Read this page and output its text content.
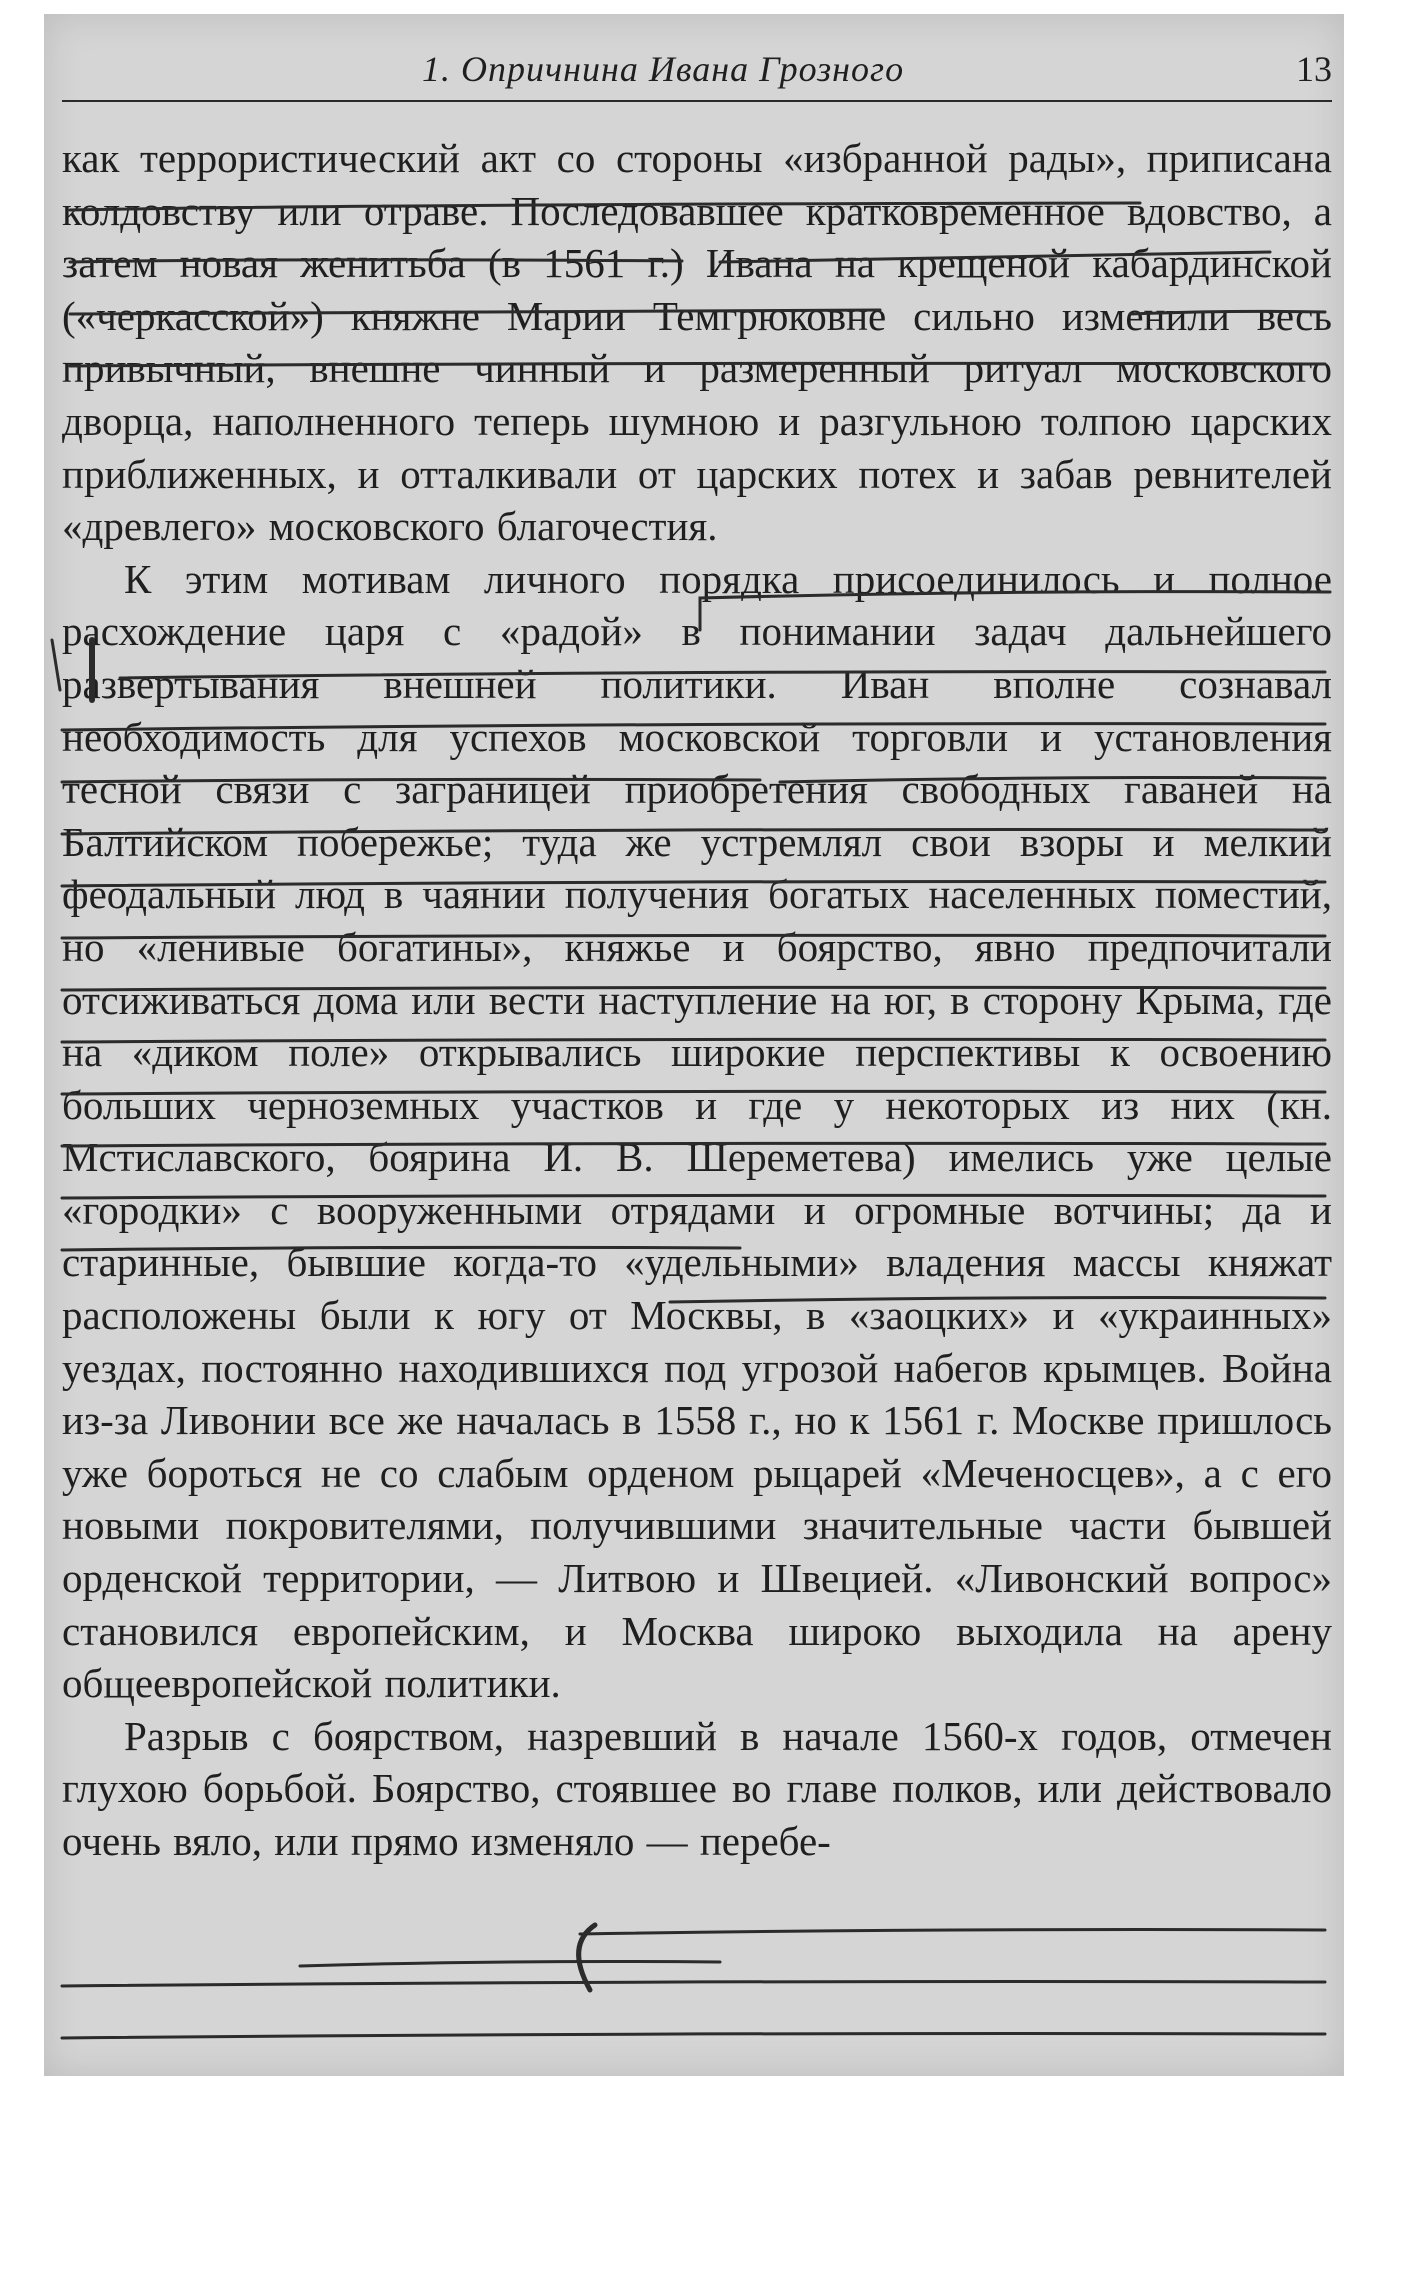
1. Опричнина Ивана Грозного	13

как террористический акт со стороны «избранной рады», приписана колдовству или отраве. Последовавшее кратковременное вдовство, а затем новая женитьба (в 1561 г.) Ивана на крещеной кабардинской («черкасской») княжне Марии Темгрюковне сильно изменили весь привычный, внешне чинный и размеренный ритуал московского дворца, наполненного теперь шумною и разгульною толпою царских приближенных, и отталкивали от царских потех и забав ревнителей «древлего» московского благочестия.

К этим мотивам личного порядка присоединилось и полное расхождение царя с «радой» в понимании задач дальнейшего развертывания внешней политики. Иван вполне сознавал необходимость для успехов московской торговли и установления тесной связи с заграницей приобретения свободных гаваней на Балтийском побережье; туда же устремлял свои взоры и мелкий феодальный люд в чаянии получения богатых населенных поместий, но «ленивые богатины», княжье и боярство, явно предпочитали отсиживаться дома или вести наступление на юг, в сторону Крыма, где на «диком поле» открывались широкие перспективы к освоению больших черноземных участков и где у некоторых из них (кн. Мстиславского, боярина И. В. Шереметева) имелись уже целые «городки» с вооруженными отрядами и огромные вотчины; да и старинные, бывшие когда-то «удельными» владения массы княжат расположены были к югу от Москвы, в «заоцких» и «украинных» уездах, постоянно находившихся под угрозой набегов крымцев. Война из-за Ливонии все же началась в 1558 г., но к 1561 г. Москве пришлось уже бороться не со слабым орденом рыцарей «Меченосцев», а с его новыми покровителями, получившими значительные части бывшей орденской территории, — Литвою и Швецией. «Ливонский вопрос» становился европейским, и Москва широко выходила на арену общеевропейской политики.

Разрыв с боярством, назревший в начале 1560-х годов, отмечен глухою борьбой. Боярство, стоявшее во главе полков, или действовало очень вяло, или прямо изменяло — перебе-
